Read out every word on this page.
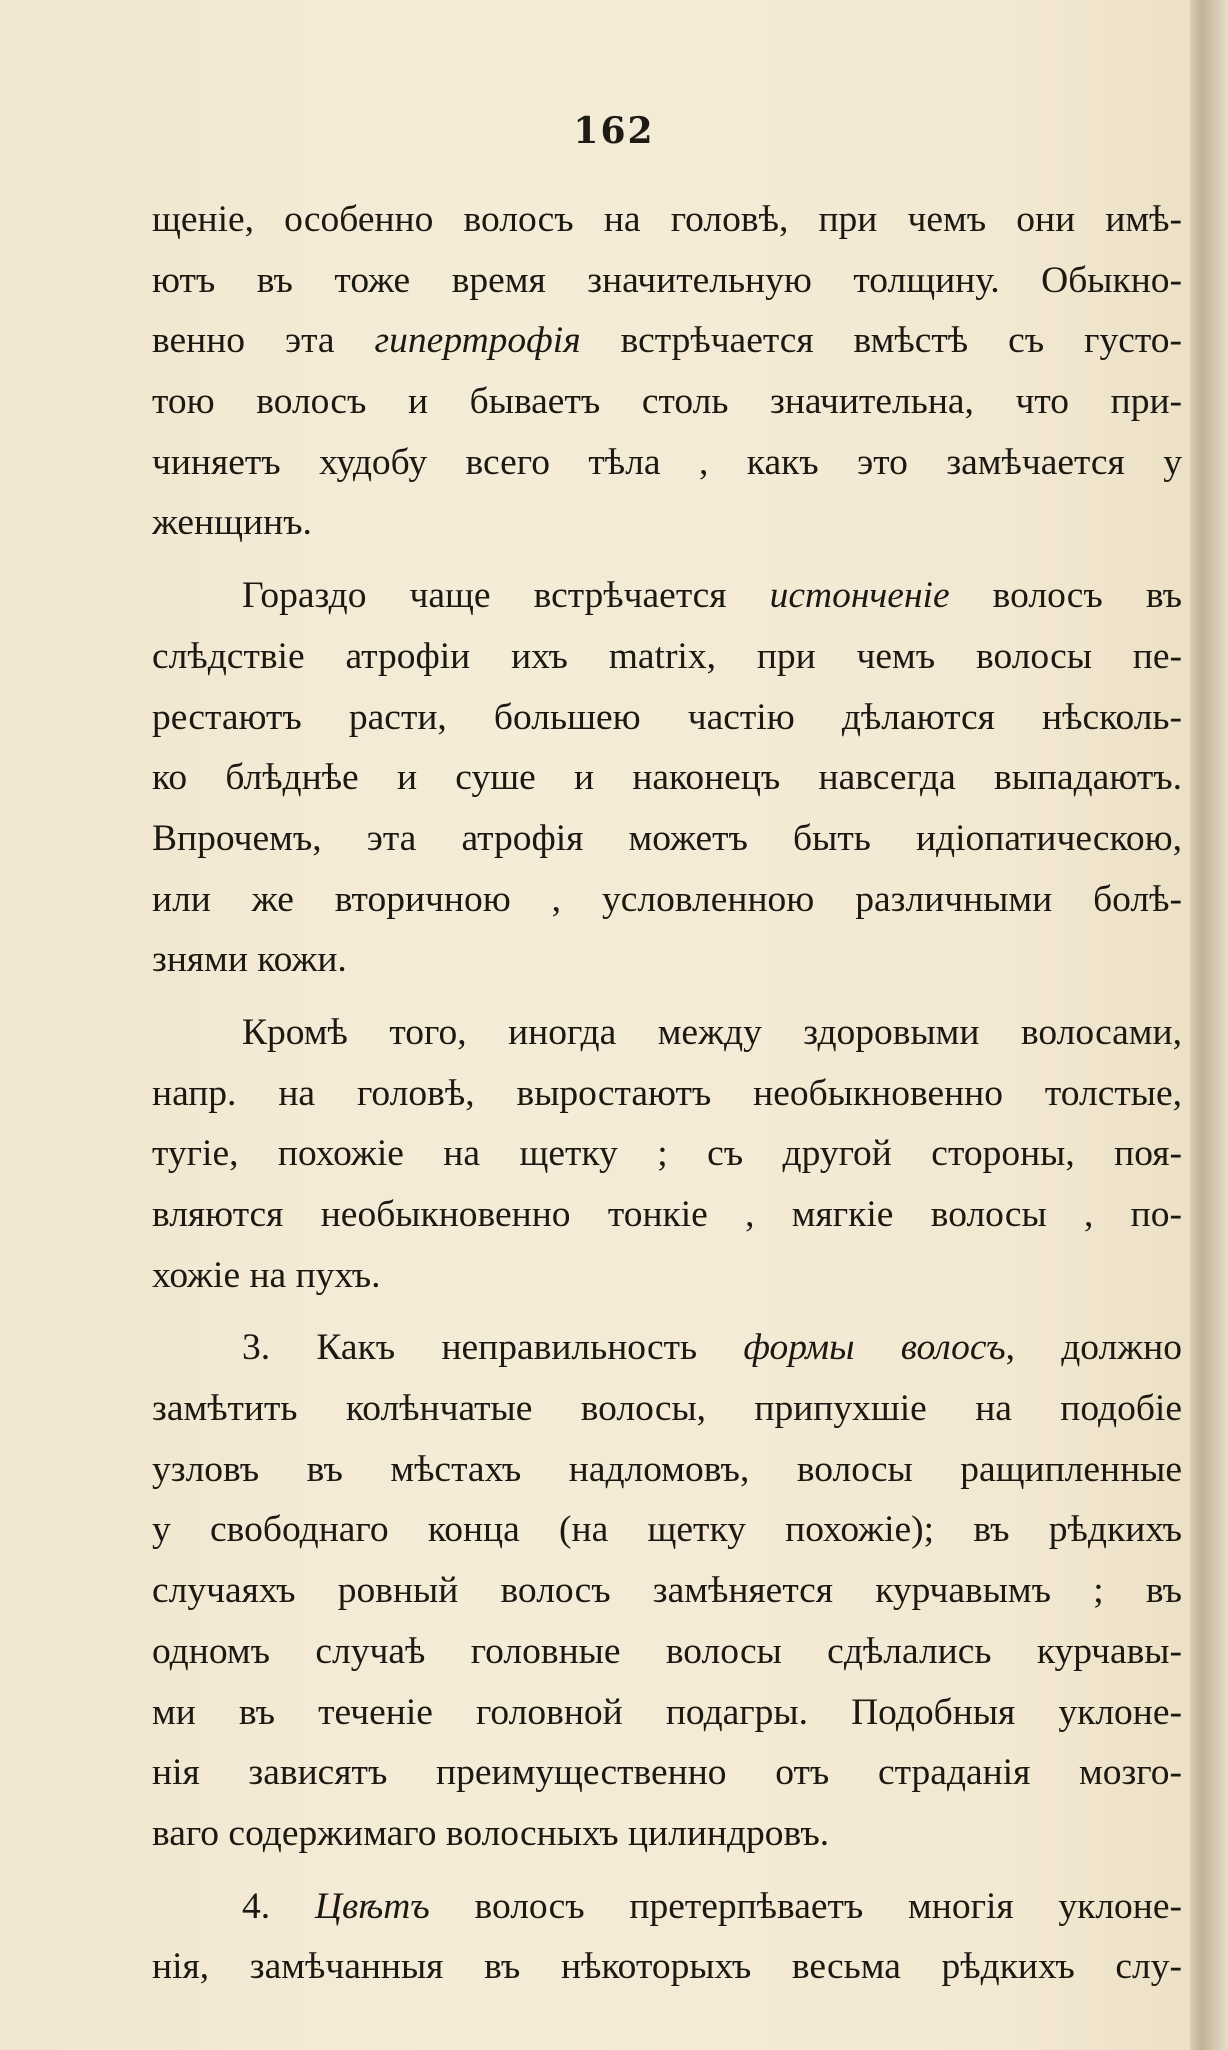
162
щеніе, особенно волосъ на головѣ, при чемъ они имѣ-
ютъ въ тоже время значительную толщину. Обыкно-
венно эта гипертрофія встрѣчается вмѣстѣ съ густо-
тою волосъ и бываетъ столь значительна, что при-
чиняетъ худобу всего тѣла , какъ это замѣчается у
женщинъ.
Гораздо чаще встрѣчается истонченіе волосъ въ
слѣдствіе атрофіи ихъ matrix, при чемъ волосы пе-
рестаютъ расти, большею частію дѣлаются нѣсколь-
ко блѣднѣе и суше и наконецъ навсегда выпадаютъ.
Впрочемъ, эта атрофія можетъ быть идіопатическою,
или же вторичною , условленною различными болѣ-
знями кожи.
Кромѣ того, иногда между здоровыми волосами,
напр. на головѣ, выростаютъ необыкновенно толстые,
тугіе, похожіе на щетку ; съ другой стороны, поя-
вляются необыкновенно тонкіе , мягкіе волосы , по-
хожіе на пухъ.
3. Какъ неправильность формы волосъ, должно
замѣтить колѣнчатые волосы, припухшіе на подобіе
узловъ въ мѣстахъ надломовъ, волосы ращипленные
у свободнаго конца (на щетку похожіе); въ рѣдкихъ
случаяхъ ровный волосъ замѣняется курчавымъ ; въ
одномъ случаѣ головные волосы сдѣлались курчавы-
ми въ теченіе головной подагры. Подобныя уклоне-
нія зависятъ преимущественно отъ страданія мозго-
ваго содержимаго волосныхъ цилиндровъ.
4. Цвѣтъ волосъ претерпѣваетъ многія уклоне-
нія, замѣчанныя въ нѣкоторыхъ весьма рѣдкихъ слу-
